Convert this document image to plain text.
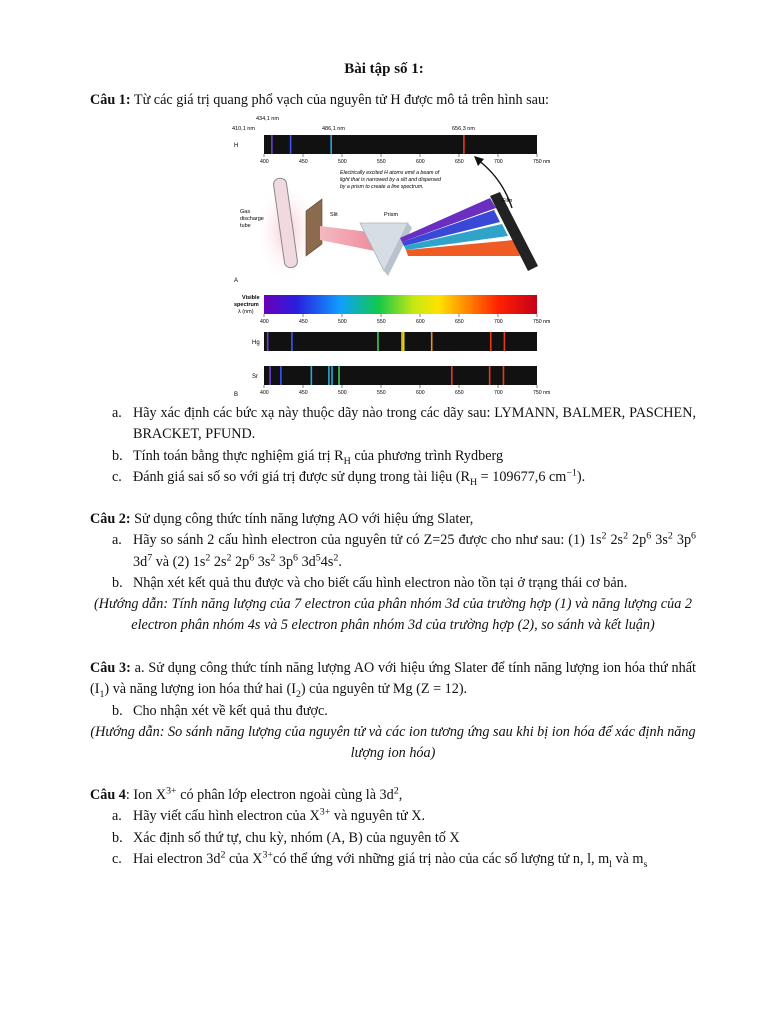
Bài tập số 1:
Câu 1: Từ các giá trị quang phổ vạch của nguyên tử H được mô tả trên hình sau:
434,1 nm
410,1 nm	486,1 nm	656,3 nm
H
400	450	500	550	600	650	700	750 nm
Electrically excited H atoms emit a beam of
light that is narrowed by a slit and dispersed
by a prism to create a line spectrum.
Gas
discharge
tube
Slit	Prism
Film
A
Visible
spectrum
λ (nm)
400	450	500	550	600	650	700	750 nm
Hg
Sr
400	450	500	550	600	650	700	750 nm
B
a. Hãy xác định các bức xạ này thuộc dãy nào trong các dãy sau: LYMANN, BALMER, PASCHEN, BRACKET, PFUND.
b. Tính toán bằng thực nghiệm giá trị $R_H$ của phương trình Rydberg
c. Đánh giá sai số so với giá trị được sử dụng trong tài liệu ($R_H = 109677,6$ $cm^{-1}$).
Câu 2: Sử dụng công thức tính năng lượng AO với hiệu ứng Slater,
a. Hãy so sánh 2 cấu hình electron của nguyên tử có Z=25 được cho như sau: (1) $1s^2$ $2s^2$ $2p^6$ $3s^2$ $3p^6$ $3d^7$ và (2) $1s^2$ $2s^2$ $2p^6$ $3s^2$ $3p^6$ $3d^54s^2$.
b. Nhận xét kết quả thu được và cho biết cấu hình electron nào tồn tại ở trạng thái cơ bản.
(Hướng dẫn: Tính năng lượng của 7 electron của phân nhóm 3d của trường hợp (1) và năng lượng của 2 electron phân nhóm 4s và 5 electron phân nhóm 3d của trường hợp (2), so sánh và kết luận)
Câu 3: a. Sử dụng công thức tính năng lượng AO với hiệu ứng Slater để tính năng lượng ion hóa thứ nhất $(I_1)$ và năng lượng ion hóa thứ hai $(I_2)$ của nguyên tử Mg (Z = 12).
b. Cho nhận xét về kết quả thu được.
(Hướng dẫn: So sánh năng lượng của nguyên tử và các ion tương ứng sau khi bị ion hóa để xác định năng lượng ion hóa)
Câu 4: Ion $X^{3+}$ có phân lớp electron ngoài cùng là $3d^2$,
a. Hãy viết cấu hình electron của $X^{3+}$ và nguyên tử X.
b. Xác định số thứ tự, chu kỳ, nhóm (A, B) của nguyên tố X
c. Hai electron $3d^2$ của $X^{3+}có$ thể ứng với những giá trị nào của các số lượng tử n, l, $m_l$ và $m_s$
